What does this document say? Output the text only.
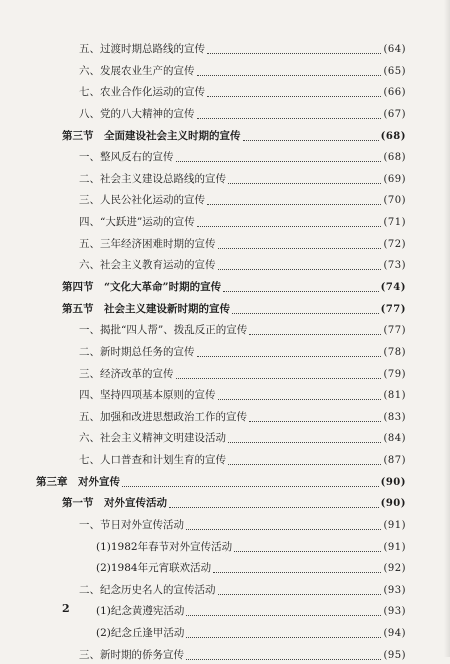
五、过渡时期总路线的宣传	(64)
六、发展农业生产的宣传	(65)
七、农业合作化运动的宣传	(66)
八、党的八大精神的宣传	(67)
第三节　全面建设社会主义时期的宣传	(68)
一、整风反右的宣传	(68)
二、社会主义建设总路线的宣传	(69)
三、人民公社化运动的宣传	(70)
四、“大跃进”运动的宣传	(71)
五、三年经济困难时期的宣传	(72)
六、社会主义教育运动的宣传	(73)
第四节　“文化大革命”时期的宣传	(74)
第五节　社会主义建设新时期的宣传	(77)
一、揭批“四人帮”、拨乱反正的宣传	(77)
二、新时期总任务的宣传	(78)
三、经济改革的宣传	(79)
四、坚持四项基本原则的宣传	(81)
五、加强和改进思想政治工作的宣传	(83)
六、社会主义精神文明建设活动	(84)
七、人口普查和计划生育的宣传	(87)
第三章　对外宣传	(90)
第一节　对外宣传活动	(90)
一、节日对外宣传活动	(91)
(1)1982年春节对外宣传活动	(91)
(2)1984年元宵联欢活动	(92)
二、纪念历史名人的宣传活动	(93)
(1)纪念黄遵宪活动	(93)
(2)纪念丘逢甲活动	(94)
三、新时期的侨务宣传	(95)
2
